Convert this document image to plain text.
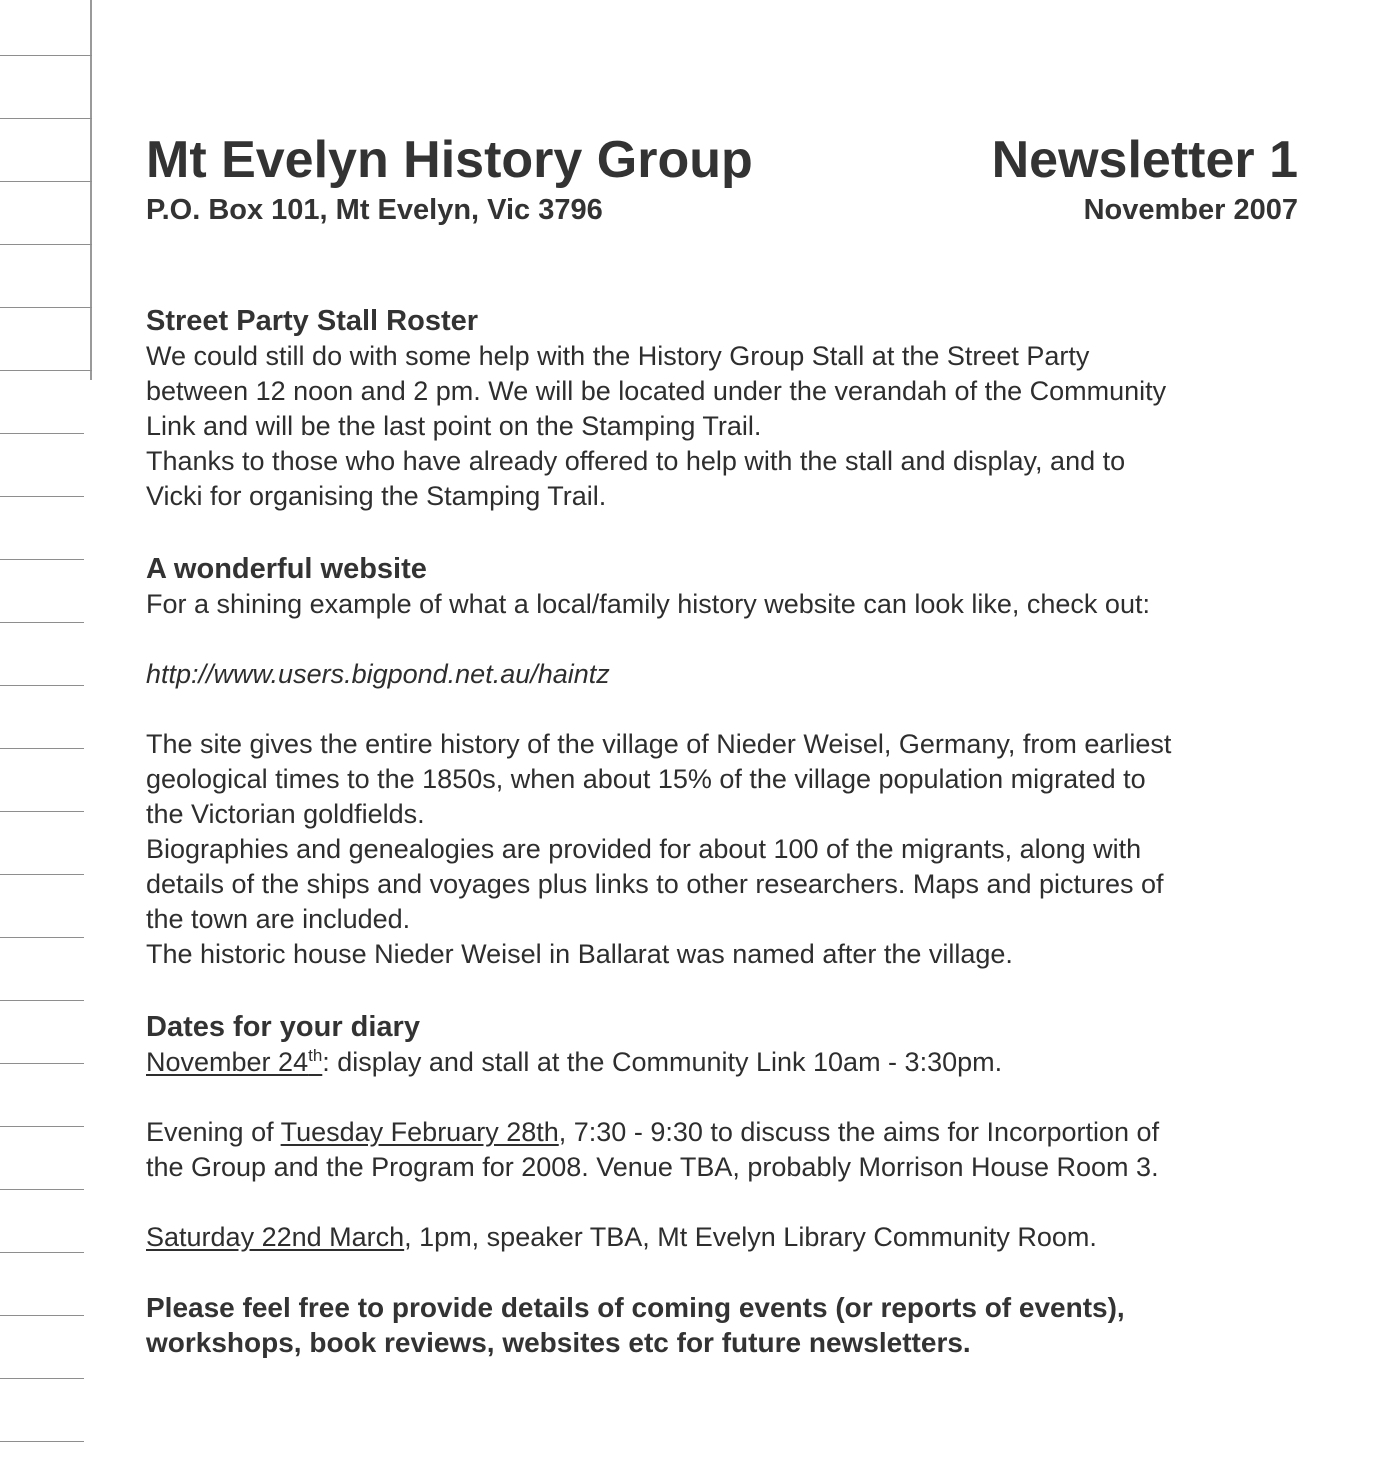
Mt Evelyn History Group
P.O. Box 101, Mt Evelyn, Vic 3796
Newsletter 1
November 2007
Street Party Stall Roster
We could still do with some help with the History Group Stall at the Street Party
between 12 noon and 2 pm. We will be located under the verandah of the Community
Link and will be the last point on the Stamping Trail.
Thanks to those who have already offered to help with the stall and display, and to
Vicki for organising the Stamping Trail.
A wonderful website
For a shining example of what a local/family history website can look like, check out:
http://www.users.bigpond.net.au/haintz
The site gives the entire history of the village of Nieder Weisel, Germany, from earliest
geological times to the 1850s, when about 15% of the village population migrated to
the Victorian goldfields.
Biographies and genealogies are provided for about 100 of the migrants, along with
details of the ships and voyages plus links to other researchers. Maps and pictures of
the town are included.
The historic house Nieder Weisel in Ballarat was named after the village.
Dates for your diary
November 24th: display and stall at the Community Link 10am - 3:30pm.
Evening of Tuesday February 28th, 7:30 - 9:30 to discuss the aims for Incorportion of
the Group and the Program for 2008. Venue TBA, probably Morrison House Room 3.
Saturday 22nd March, 1pm, speaker TBA, Mt Evelyn Library Community Room.
Please feel free to provide details of coming events (or reports of events),
workshops, book reviews, websites etc for future newsletters.
